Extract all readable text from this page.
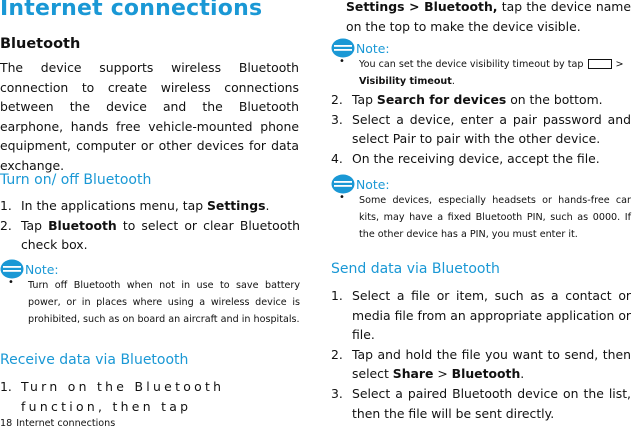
Internet connections
Bluetooth
The device supports wireless Bluetooth connection to create wireless connections between the device and the Bluetooth earphone, hands free vehicle-mounted phone equipment, computer or other devices for data exchange.
Turn on/ off Bluetooth
1. In the applications menu, tap Settings.
2. Tap Bluetooth to select or clear Bluetooth check box.
Note:
• Turn off Bluetooth when not in use to save battery power, or in places where using a wireless device is prohibited, such as on board an aircraft and in hospitals.
Receive data via Bluetooth
1. Turn on the Bluetooth function, then tap
18 Internet connections
Settings > Bluetooth, tap the device name on the top to make the device visible.
Note:
• You can set the device visibility timeout by tap	>
Visibility timeout.
2. Tap Search for devices on the bottom.
3. Select a device, enter a pair password and select Pair to pair with the other device.
4. On the receiving device, accept the file.
Note:
• Some devices, especially headsets or hands-free car kits, may have a fixed Bluetooth PIN, such as 0000. If the other device has a PIN, you must enter it.
Send data via Bluetooth
1. Select a file or item, such as a contact or media file from an appropriate application or file.
2. Tap and hold the file you want to send, then select Share > Bluetooth.
3. Select a paired Bluetooth device on the list, then the file will be sent directly.
